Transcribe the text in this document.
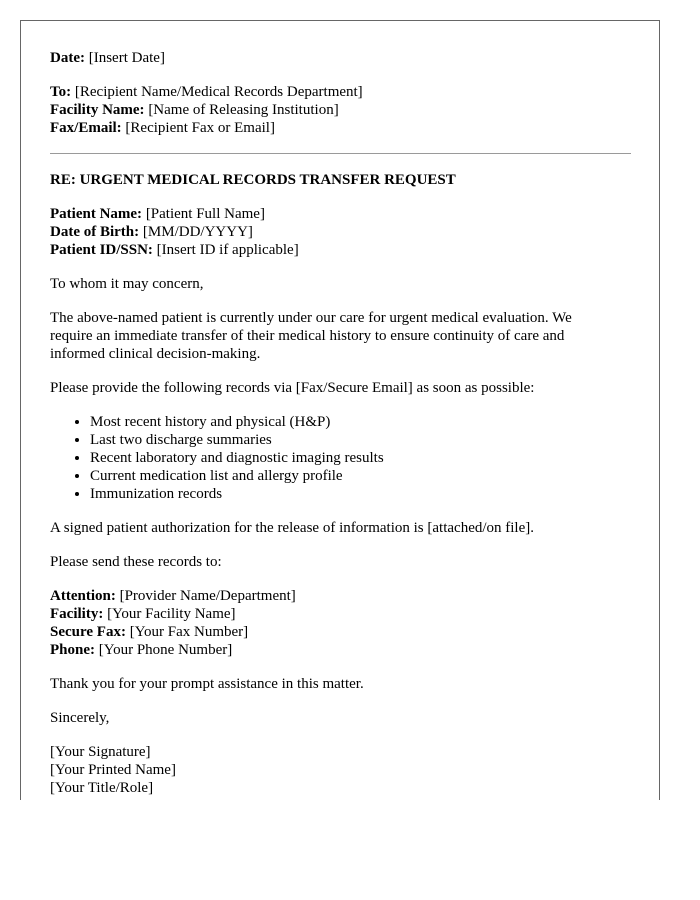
Date: [Insert Date]
To: [Recipient Name/Medical Records Department]
Facility Name: [Name of Releasing Institution]
Fax/Email: [Recipient Fax or Email]
RE: URGENT MEDICAL RECORDS TRANSFER REQUEST
Patient Name: [Patient Full Name]
Date of Birth: [MM/DD/YYYY]
Patient ID/SSN: [Insert ID if applicable]
To whom it may concern,
The above-named patient is currently under our care for urgent medical evaluation. We
require an immediate transfer of their medical history to ensure continuity of care and
informed clinical decision-making.
Please provide the following records via [Fax/Secure Email] as soon as possible:
• Most recent history and physical (H&P)
• Last two discharge summaries
• Recent laboratory and diagnostic imaging results
• Current medication list and allergy profile
• Immunization records
A signed patient authorization for the release of information is [attached/on file].
Please send these records to:
Attention: [Provider Name/Department]
Facility: [Your Facility Name]
Secure Fax: [Your Fax Number]
Phone: [Your Phone Number]
Thank you for your prompt assistance in this matter.
Sincerely,
[Your Signature]
[Your Printed Name]
[Your Title/Role]
